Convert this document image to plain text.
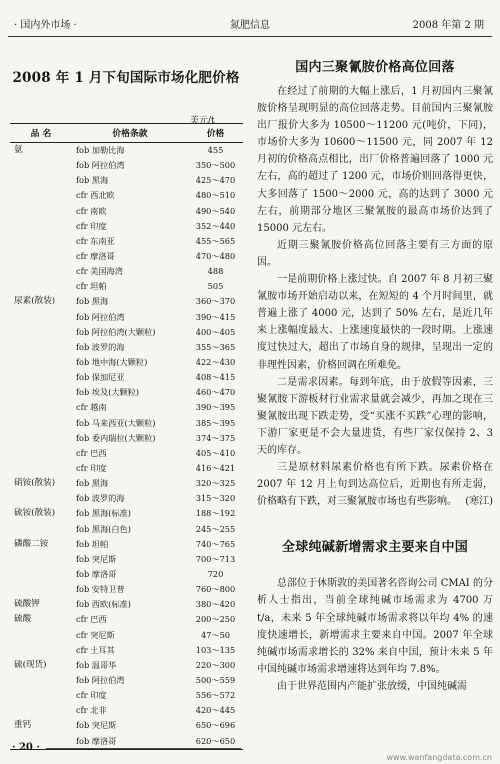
· 国内外市场 ·	氮肥信息	2008 年第 2 期
2008 年 1 月下旬国际市场化肥价格
美元/t
品 名	价格条款	价格
氨	fob 加勒比海	455
	fob 阿拉伯湾	350～500
	fob 黑海	425～470
	cfr 西北欧	480～510
	cfr 南欧	490～540
	cfr 印度	352～440
	cfr 东南亚	455～565
	cfr 摩洛哥	470～480
	cfr 美国海湾	488
	cfr 坦帕	505
尿素(散装)	fob 黑海	360～370
	fob 阿拉伯湾	390～415
	fob 阿拉伯湾(大颗粒)	400～405
	fob 波罗的海	355～365
	fob 地中海(大颗粒)	422～430
	fob 保加尼亚	408～415
	fob 埃及(大颗粒)	460～470
	cfr 越南	390～395
	fob 马来西亚(大颗粒)	385～395
	fob 委内瑞拉(大颗粒)	374～375
	cfr 巴西	405～410
	cfr 印度	416～421
硝铵(散装)	fob 黑海	320～325
	fob 波罗的海	315～320
硫铵(散装)	fob 黑海(标准)	188～192
	fob 黑海(白色)	245～255
磷酸二铵	fob 坦帕	740～765
	fob 突尼斯	700～713
	fob 摩洛哥	720
	fob 安特卫普	760～800
硫酸钾	fob 西欧(标准)	380～420
硫酸	cfr 巴西	200～250
	cfr 突尼斯	47～50
	cfr 土耳其	103～135
硫(现货)	fob 温哥华	220～300
	fob 阿拉伯湾	500～559
	cfr 印度	556～572
	cfr 北非	420～445
重钙	fob 突尼斯	650～696
	fob 摩洛哥	620～650
· 20 ·
国内三聚氰胺价格高位回落

在经过了前期的大幅上涨后，1 月初国内三聚氰胺价格呈现明显的高位回落走势。目前国内三聚氰胺出厂报价大多为 10500～11200 元(吨价，下同)，市场价大多为 10600～11500 元，同 2007 年 12 月初的价格高点相比，出厂价格普遍回落了 1000 元左右，高的超过了 1200 元，市场价则回落得更快，大多回落了 1500～2000 元，高的达到了 3000 元左右，前期部分地区三聚氰胺的最高市场价达到了 15000 元左右。

近期三聚氰胺价格高位回落主要有三方面的原因。

一是前期价格上涨过快。自 2007 年 8 月初三聚氰胺市场开始启动以来，在短短的 4 个月时间里，就普遍上涨了 4000 元，达到了 50% 左右，是近几年来上涨幅度最大、上涨速度最快的一段时期。上涨速度过快过大，超出了市场自身的规律，呈现出一定的非理性因素，价格回调在所难免。

二是需求因素。每到年底，由于放假等因素，三聚氰胺下游板材行业需求量就会减少，再加之现在三聚氰胺出现下跌走势，受“买涨不买跌”心理的影响，下游厂家更是不会大量进货，有些厂家仅保持 2、3 天的库存。

三是原材料尿素价格也有所下跌。尿素价格在 2007 年 12 月上旬到达高位后，近期也有所走弱，价格略有下跌，对三聚氰胺市场也有些影响。 (寒江)
全球纯碱新增需求主要来自中国

总部位于休斯敦的美国著名咨询公司 CMAI 的分析人士指出，当前全球纯碱市场需求为 4700 万 t/a，未来 5 年全球纯碱市场需求将以年均 4% 的速度快速增长，新增需求主要来自中国。2007 年全球纯碱市场需求增长的 32% 来自中国，预计未来 5 年中国纯碱市场需求增速将达到年均 7.8%。

由于世界范围内产能扩张放缓，中国纯碱需

www.wanfangdata.com.cn
